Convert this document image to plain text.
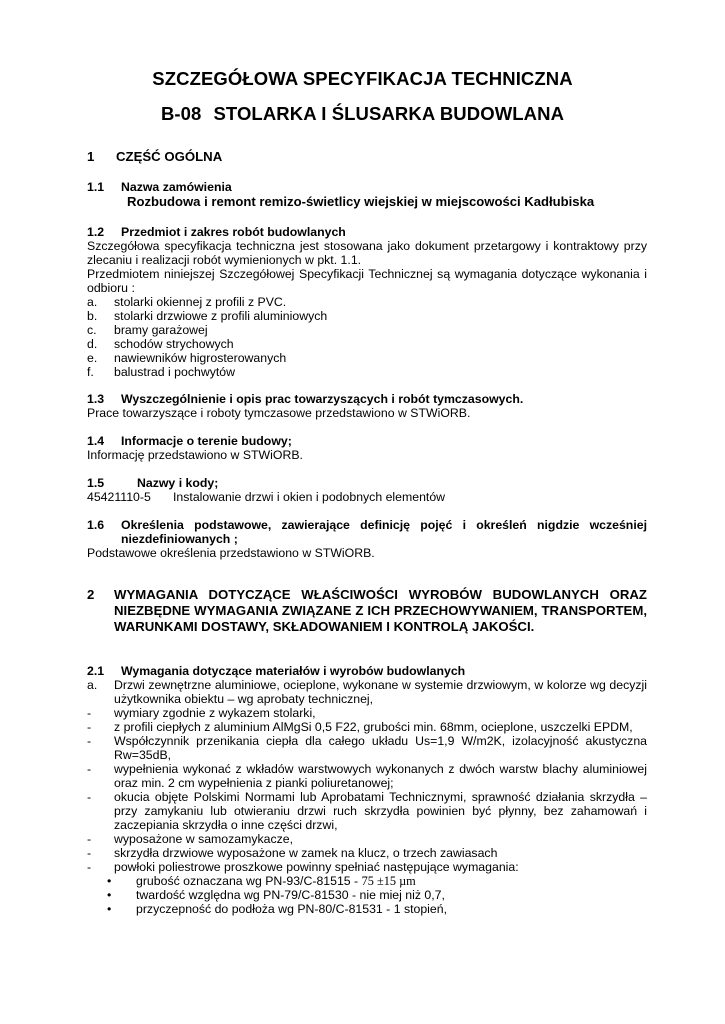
SZCZEGÓŁOWA SPECYFIKACJA TECHNICZNA
B-08 STOLARKA I ŚLUSARKA BUDOWLANA
1 CZĘŚĆ OGÓLNA
1.1 Nazwa zamówienia
Rozbudowa i remont remizo-świetlicy wiejskiej w miejscowości Kadłubiska
1.2 Przedmiot i zakres robót budowlanych
Szczegółowa specyfikacja techniczna jest stosowana jako dokument przetargowy i kontraktowy przy zlecaniu i realizacji robót wymienionych w pkt. 1.1.
Przedmiotem niniejszej Szczegółowej Specyfikacji Technicznej są wymagania dotyczące wykonania i odbioru :
a. stolarki okiennej z profili z PVC.
b. stolarki drzwiowe z profili aluminiowych
c. bramy garażowej
d. schodów strychowych
e. nawiewników higrosterowanych
f. balustrad i pochwytów
1.3 Wyszczególnienie i opis prac towarzyszących i robót tymczasowych.
Prace towarzyszące i roboty tymczasowe przedstawiono w STWiORB.
1.4 Informacje o terenie budowy;
Informację przedstawiono w STWiORB.
1.5	Nazwy i kody;
45421110-5 Instalowanie drzwi i okien i podobnych elementów
1.6	Określenia podstawowe, zawierające definicję pojęć i określeń nigdzie wcześniej
niezdefiniowanych ;
Podstawowe określenia przedstawiono w STWiORB.
2	WYMAGANIA DOTYCZĄCE WŁAŚCIWOŚCI WYROBÓW BUDOWLANYCH ORAZ NIEZBĘDNE WYMAGANIA ZWIĄZANE Z ICH PRZECHOWYWANIEM, TRANSPORTEM, WARUNKAMI DOSTAWY, SKŁADOWANIEM I KONTROLĄ JAKOŚCI.
2.1 Wymagania dotyczące materiałów i wyrobów budowlanych
a. Drzwi zewnętrzne aluminiowe, ocieplone, wykonane w systemie drzwiowym, w kolorze wg decyzji użytkownika obiektu – wg aprobaty technicznej,
- wymiary zgodnie z wykazem stolarki,
- z profili ciepłych z aluminium AlMgSi 0,5 F22, grubości min. 68mm, ocieplone, uszczelki EPDM,
- Współczynnik przenikania ciepła dla całego układu Us=1,9 W/m2K, izolacyjność akustyczna Rw=35dB,
- wypełnienia wykonać z wkładów warstwowych wykonanych z dwóch warstw blachy aluminiowej oraz min. 2 cm wypełnienia z pianki poliuretanowej;
- okucia objęte Polskimi Normami lub Aprobatami Technicznymi, sprawność działania skrzydła – przy zamykaniu lub otwieraniu drzwi ruch skrzydła powinien być płynny, bez zahamowań i zaczepiania skrzydła o inne części drzwi,
- wyposażone w samozamykacze,
- skrzydła drzwiowe wyposażone w zamek na klucz, o trzech zawiasach
- powłoki poliestrowe proszkowe powinny spełniać następujące wymagania:
• grubość oznaczana wg PN-93/C-81515 - 75 ±15 µm
• twardość względna wg PN-79/C-81530 - nie miej niż 0,7,
• przyczepność do podłoża wg PN-80/C-81531 - 1 stopień,
